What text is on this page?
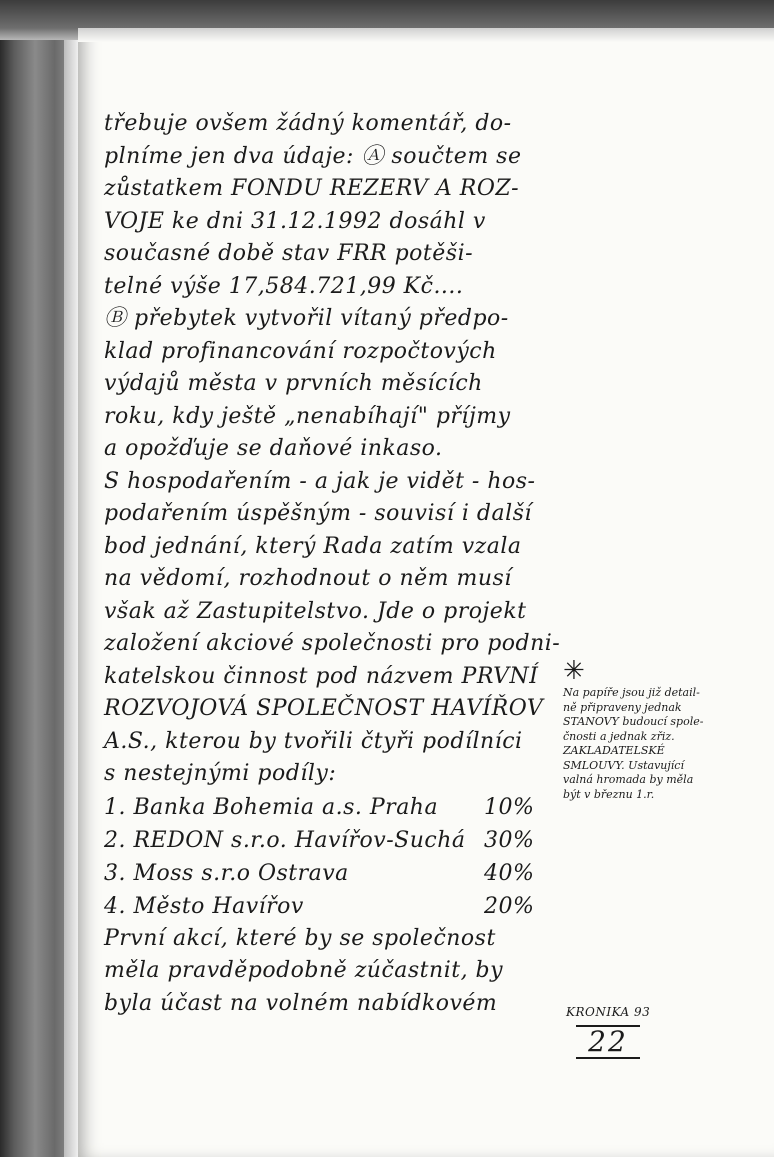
třebuje ovšem žádný komentář, do-
plníme jen dva údaje: Ⓐ součtem se
zůstatkem FONDU REZERV A ROZ-
VOJE ke dni 31.12.1992 dosáhl v
současné době stav FRR potěši-
telné výše 17,584.721,99 Kč....
Ⓑ přebytek vytvořil vítaný předpo-
klad profinancování rozpočtových
výdajů města v prvních měsících
roku, kdy ještě „nenabíhají" příjmy
a opožďuje se daňové inkaso.
S hospodařením - a jak je vidět - hos-
podařením úspěšným - souvisí i další
bod jednání, který Rada zatím vzala
na vědomí, rozhodnout o něm musí
však až Zastupitelstvo. Jde o projekt
založení akciové společnosti pro podni-
katelskou činnost pod názvem PRVNÍ
ROZVOJOVÁ SPOLEČNOST HAVÍŘOV
A.S., kterou by tvořili čtyři podílníci
s nestejnými podíly:
1. Banka Bohemia a.s. Praha 10%
2. REDON s.r.o. Havířov-Suchá 30%
3. Moss s.r.o Ostrava	40%
4. Město Havířov	20%
První akcí, které by se společnost
měla pravděpodobně zúčastnit, by
byla účast na volném nabídkovém
✳
Na papíře jsou již detail-
ně připraveny jednak
STANOVY budoucí spole-
čnosti a jednak zřiz.
ZAKLADATELSKÉ
SMLOUVY. Ustavující
valná hromada by měla
být v březnu 1.r.
KRONIKA 93
22
